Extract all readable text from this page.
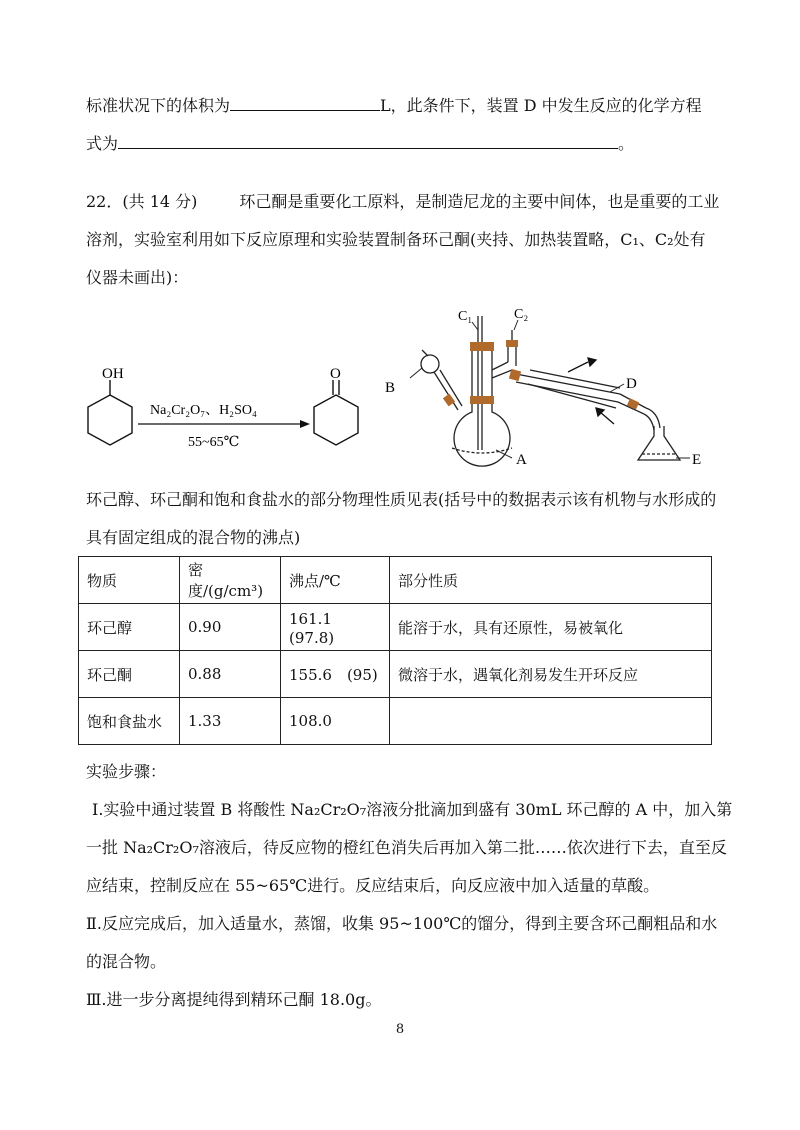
标准状况下的体积为	L，此条件下，装置 D 中发生反应的化学方程
式为	。
22．(共 14 分)	环己酮是重要化工原料，是制造尼龙的主要中间体，也是重要的工业
溶剂，实验室利用如下反应原理和实验装置制备环己酮(夹持、加热装置略，C₁、C₂处有
仪器未画出)：
OH
Na₂Cr₂O₇、H₂SO₄
55~65℃
O
C₁	C₂
B
A
D
E
环己醇、环己酮和饱和食盐水的部分物理性质见表(括号中的数据表示该有机物与水形成的
具有固定组成的混合物的沸点)
物质	密度/(g/cm³)	沸点/℃	部分性质
环己醇	0.90	161.1　(97.8)	能溶于水，具有还原性，易被氧化
环己酮	0.88	155.6　(95)	微溶于水，遇氧化剂易发生开环反应
饱和食盐水	1.33	108.0	
实验步骤：
Ⅰ.实验中通过装置 B 将酸性 Na₂Cr₂O₇溶液分批滴加到盛有 30mL 环己醇的 A 中，加入第
一批 Na₂Cr₂O₇溶液后，待反应物的橙红色消失后再加入第二批……依次进行下去，直至反
应结束，控制反应在 55~65℃进行。反应结束后，向反应液中加入适量的草酸。
Ⅱ.反应完成后，加入适量水，蒸馏，收集 95~100℃的馏分，得到主要含环己酮粗品和水
的混合物。
Ⅲ.进一步分离提纯得到精环己酮 18.0g。
8
